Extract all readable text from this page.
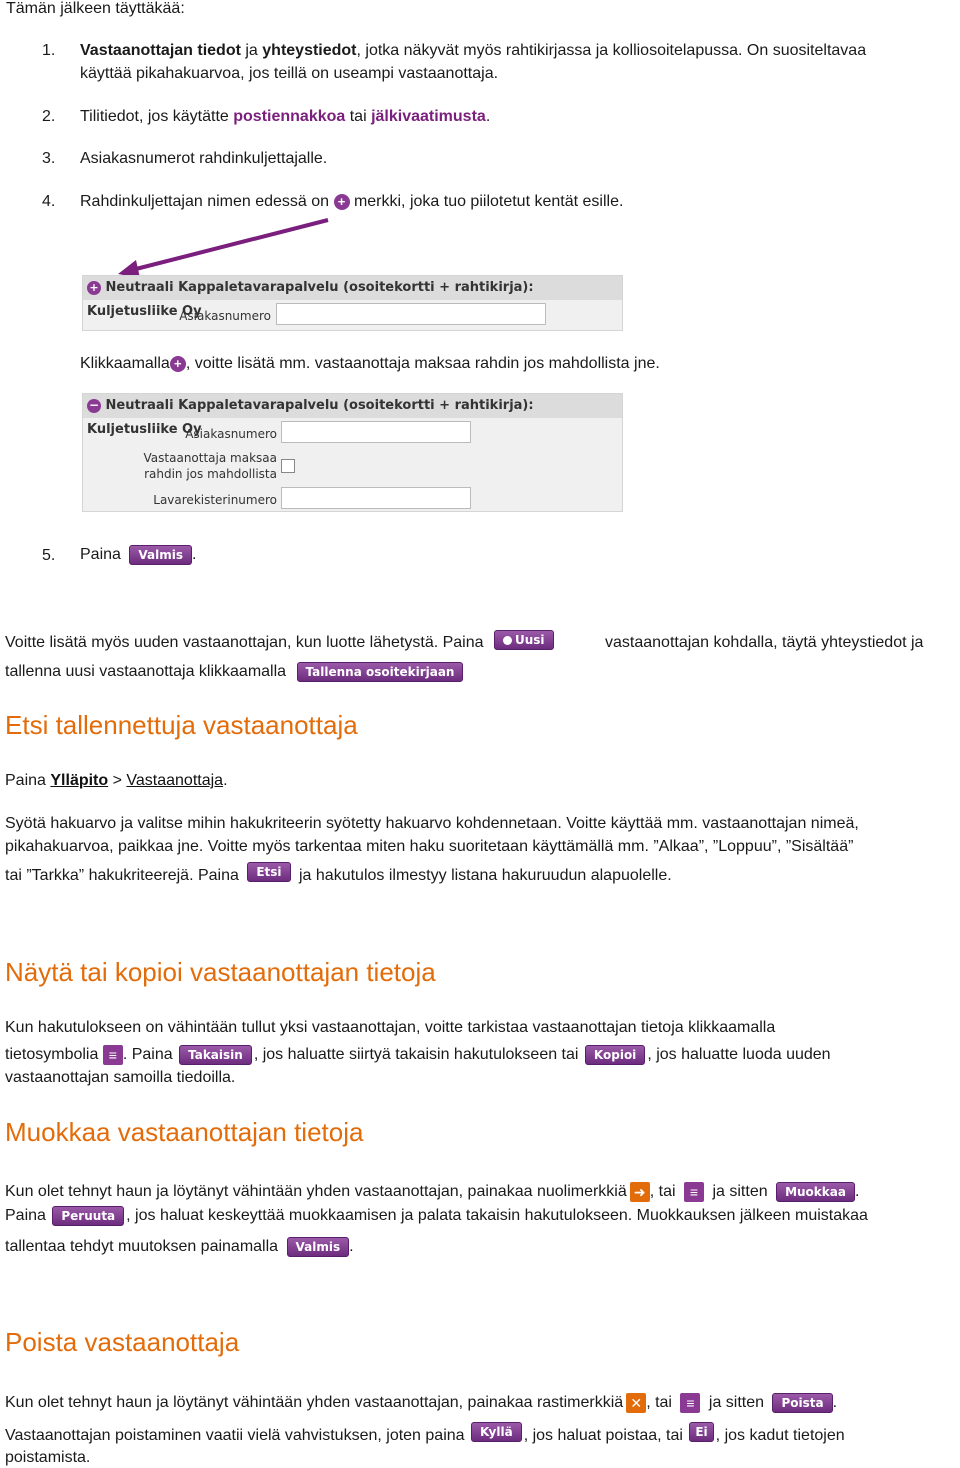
Tämän jälkeen täyttäkää:
1. Vastaanottajan tiedot ja yhteystiedot, jotka näkyvät myös rahtikirjassa ja kolliosoitelapussa. On suositeltavaa
käyttää pikahakuarvoa, jos teillä on useampi vastaanottaja.
2. Tilitiedot, jos käytätte postiennakkoa tai jälkivaatimusta.
3. Asiakasnumerot rahdinkuljettajalle.
4. Rahdinkuljettajan nimen edessä on + merkki, joka tuo piilotetut kentät esille.
+ Neutraali Kappaletavarapalvelu (osoitekortti + rahtikirja): Kuljetusliike Oy
Asiakasnumero
Klikkaamalla + , voitte lisätä mm. vastaanottaja maksaa rahdin jos mahdollista jne.
− Neutraali Kappaletavarapalvelu (osoitekortti + rahtikirja): Kuljetusliike Oy
Asiakasnumero
Vastaanottaja maksaa
rahdin jos mahdollista
Lavarekisterinumero
5. Paina Valmis .
Voitte lisätä myös uuden vastaanottajan, kun luotte lähetystä. Paina	Uusi	vastaanottajan kohdalla, täytä yhteystiedot ja
tallenna uusi vastaanottaja klikkaamalla Tallenna osoitekirjaan
Etsi tallennettuja vastaanottaja
Paina Ylläpito > Vastaanottaja.
Syötä hakuarvo ja valitse mihin hakukriteerin syötetty hakuarvo kohdennetaan. Voitte käyttää mm. vastaanottajan nimeä,
pikahakuarvoa, paikkaa jne. Voitte myös tarkentaa miten haku suoritetaan käyttämällä mm. ”Alkaa”, ”Loppuu”, ”Sisältää”
tai ”Tarkka” hakukriteerejä. Paina Etsi ja hakutulos ilmestyy listana hakuruudun alapuolelle.
Näytä tai kopioi vastaanottajan tietoja
Kun hakutulokseen on vähintään tullut yksi vastaanottajan, voitte tarkistaa vastaanottajan tietoja klikkaamalla
tietosymbolia ≡ . Paina Takaisin , jos haluatte siirtyä takaisin hakutulokseen tai Kopioi , jos haluatte luoda uuden
vastaanottajan samoilla tiedoilla.
Muokkaa vastaanottajan tietoja
Kun olet tehnyt haun ja löytänyt vähintään yhden vastaanottajan, painakaa nuolimerkkiä ➜ , tai ≡ ja sitten Muokkaa .
Paina Peruuta , jos haluat keskeyttää muokkaamisen ja palata takaisin hakutulokseen. Muokkauksen jälkeen muistakaa
tallentaa tehdyt muutoksen painamalla Valmis .
Poista vastaanottaja
Kun olet tehnyt haun ja löytänyt vähintään yhden vastaanottajan, painakaa rastimerkkiä ✕ , tai ≡ ja sitten Poista .
Vastaanottajan poistaminen vaatii vielä vahvistuksen, joten paina Kyllä , jos haluat poistaa, tai Ei , jos kadut tietojen
poistamista.
